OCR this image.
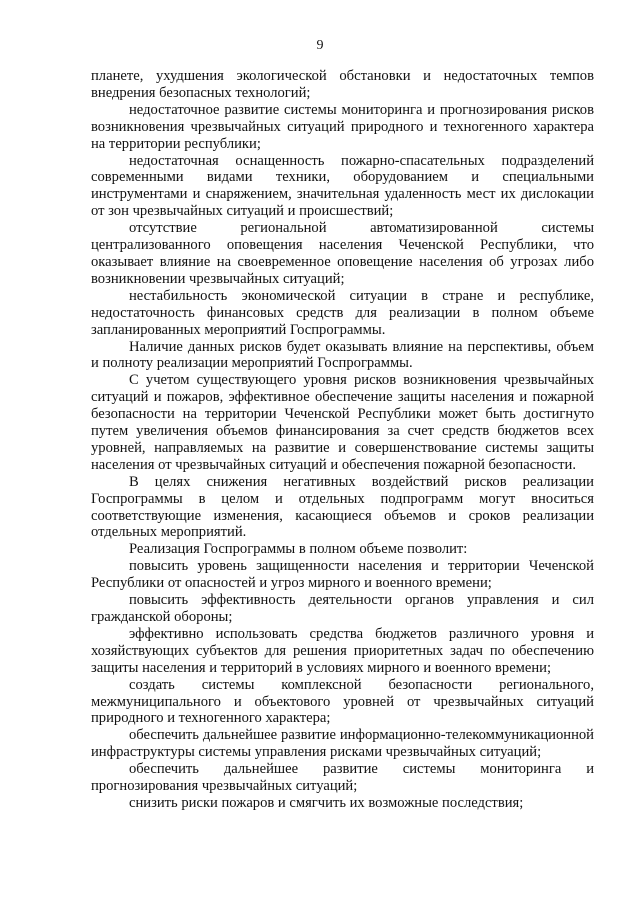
9

планете, ухудшения экологической обстановки и недостаточных темпов внедрения безопасных технологий;

недостаточное развитие системы мониторинга и прогнозирования рисков возникновения чрезвычайных ситуаций природного и техногенного характера на территории республики;

недостаточная оснащенность пожарно-спасательных подразделений современными видами техники, оборудованием и специальными инструментами и снаряжением, значительная удаленность мест их дислокации от зон чрезвычайных ситуаций и происшествий;

отсутствие региональной автоматизированной системы централизованного оповещения населения Чеченской Республики, что оказывает влияние на своевременное оповещение населения об угрозах либо возникновении чрезвычайных ситуаций;

нестабильность экономической ситуации в стране и республике, недостаточность финансовых средств для реализации в полном объеме запланированных мероприятий Госпрограммы.

Наличие данных рисков будет оказывать влияние на перспективы, объем и полноту реализации мероприятий Госпрограммы.

С учетом существующего уровня рисков возникновения чрезвычайных ситуаций и пожаров, эффективное обеспечение защиты населения и пожарной безопасности на территории Чеченской Республики может быть достигнуто путем увеличения объемов финансирования за счет средств бюджетов всех уровней, направляемых на развитие и совершенствование системы защиты населения от чрезвычайных ситуаций и обеспечения пожарной безопасности.

В целях снижения негативных воздействий рисков реализации Госпрограммы в целом и отдельных подпрограмм могут вноситься соответствующие изменения, касающиеся объемов и сроков реализации отдельных мероприятий.

Реализация Госпрограммы в полном объеме позволит:

повысить уровень защищенности населения и территории Чеченской Республики от опасностей и угроз мирного и военного времени;

повысить эффективность деятельности органов управления и сил гражданской обороны;

эффективно использовать средства бюджетов различного уровня и хозяйствующих субъектов для решения приоритетных задач по обеспечению защиты населения и территорий в условиях мирного и военного времени;

создать системы комплексной безопасности регионального, межмуниципального и объектового уровней от чрезвычайных ситуаций природного и техногенного характера;

обеспечить дальнейшее развитие информационно-телекоммуникационной инфраструктуры системы управления рисками чрезвычайных ситуаций;

обеспечить дальнейшее развитие системы мониторинга и прогнозирования чрезвычайных ситуаций;

снизить риски пожаров и смягчить их возможные последствия;
